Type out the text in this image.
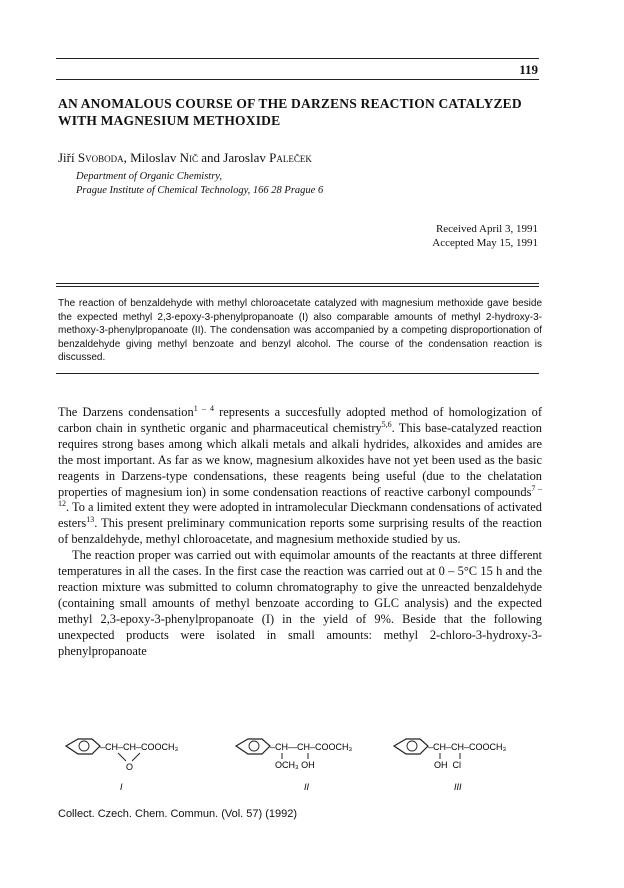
119
AN ANOMALOUS COURSE OF THE DARZENS REACTION CATALYZED WITH MAGNESIUM METHOXIDE
Jiří Svoboda, Miloslav Nič and Jaroslav Paleček
Department of Organic Chemistry,
Prague Institute of Chemical Technology, 166 28 Prague 6
Received April 3, 1991
Accepted May 15, 1991
The reaction of benzaldehyde with methyl chloroacetate catalyzed with magnesium methoxide gave beside the expected methyl 2,3-epoxy-3-phenylpropanoate (I) also comparable amounts of methyl 2-hydroxy-3-methoxy-3-phenylpropanoate (II). The condensation was accompanied by a competing disproportionation of benzaldehyde giving methyl benzoate and benzyl alcohol. The course of the condensation reaction is discussed.

The Darzens condensation$^{1 - 4}$ represents a succesfully adopted method of homologization of carbon chain in synthetic organic and pharmaceutical chemistry$^{5,6}$. This base-catalyzed reaction requires strong bases among which alkali metals and alkali hydrides, alkoxides and amides are the most important. As far as we know, magnesium alkoxides have not yet been used as the basic reagents in Darzens-type condensations, these reagents being useful (due to the chelatation properties of magnesium ion) in some condensation reactions of reactive carbonyl compounds$^{7 - 12}$. To a limited extent they were adopted in intramolecular Dieckmann condensations of activated esters$^{13}$. This present preliminary communication reports some surprising results of the reaction of benzaldehyde, methyl chloroacetate, and magnesium methoxide studied by us.

The reaction proper was carried out with equimolar amounts of the reactants at three different temperatures in all the cases. In the first case the reaction was carried out at 0 – 5°C 15 h and the reaction mixture was submitted to column chromatography to give the unreacted benzaldehyde (containing small amounts of methyl benzoate according to GLC analysis) and the expected methyl 2,3-epoxy-3-phenylpropanoate (I) in the yield of 9%. Beside that the following unexpected products were isolated in small amounts: methyl 2-chloro-3-hydroxy-3-phenylpropanoate

–CH–CH–COOCH₃
O
I
–CH—CH–COOCH₃
OCH₃ OH
II
–CH–CH–COOCH₃
OH  Cl
III
Collect. Czech. Chem. Commun. (Vol. 57) (1992)
